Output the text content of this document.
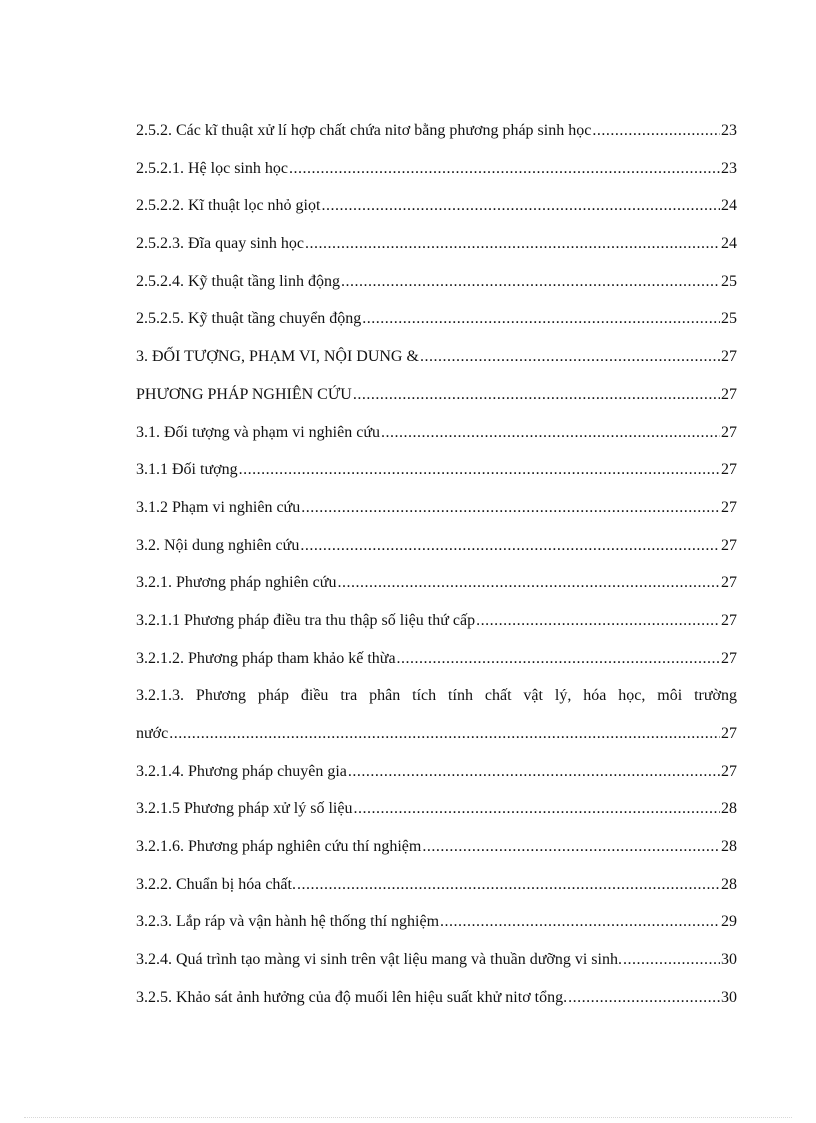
2.5.2. Các kĩ thuật xử lí hợp chất chứa nitơ bằng phương pháp sinh học .....	23
2.5.2.1. Hệ lọc sinh học .....	23
2.5.2.2. Kĩ thuật lọc nhỏ giọt .....	24
2.5.2.3. Đĩa quay sinh học .....	24
2.5.2.4. Kỹ thuật tầng linh động .....	25
2.5.2.5. Kỹ thuật tầng chuyển động .....	25
3. ĐỐI TƯỢNG, PHẠM VI, NỘI DUNG & .....	27
PHƯƠNG PHÁP NGHIÊN CỨU .....	27
3.1. Đối tượng và phạm vi nghiên cứu .....	27
3.1.1 Đối tượng .....	27
3.1.2 Phạm vi nghiên cứu .....	27
3.2. Nội dung nghiên cứu .....	27
3.2.1. Phương pháp nghiên cứu .....	27
3.2.1.1 Phương pháp điều tra thu thập số liệu thứ cấp .....	27
3.2.1.2. Phương pháp tham khảo kế thừa .....	27
3.2.1.3. Phương pháp điều tra phân tích tính chất vật lý, hóa học, môi trường
nước .....	27
3.2.1.4. Phương pháp chuyên gia .....	27
3.2.1.5 Phương pháp xử lý số liệu .....	28
3.2.1.6. Phương pháp nghiên cứu thí nghiệm .....	28
3.2.2. Chuẩn bị hóa chất. .....	28
3.2.3. Lắp ráp và vận hành hệ thống thí nghiệm .....	29
3.2.4. Quá trình tạo màng vi sinh trên vật liệu mang và thuần dưỡng vi sinh. .....	30
3.2.5. Khảo sát ảnh hưởng của độ muối lên hiệu suất khử nitơ tổng. .....	30
